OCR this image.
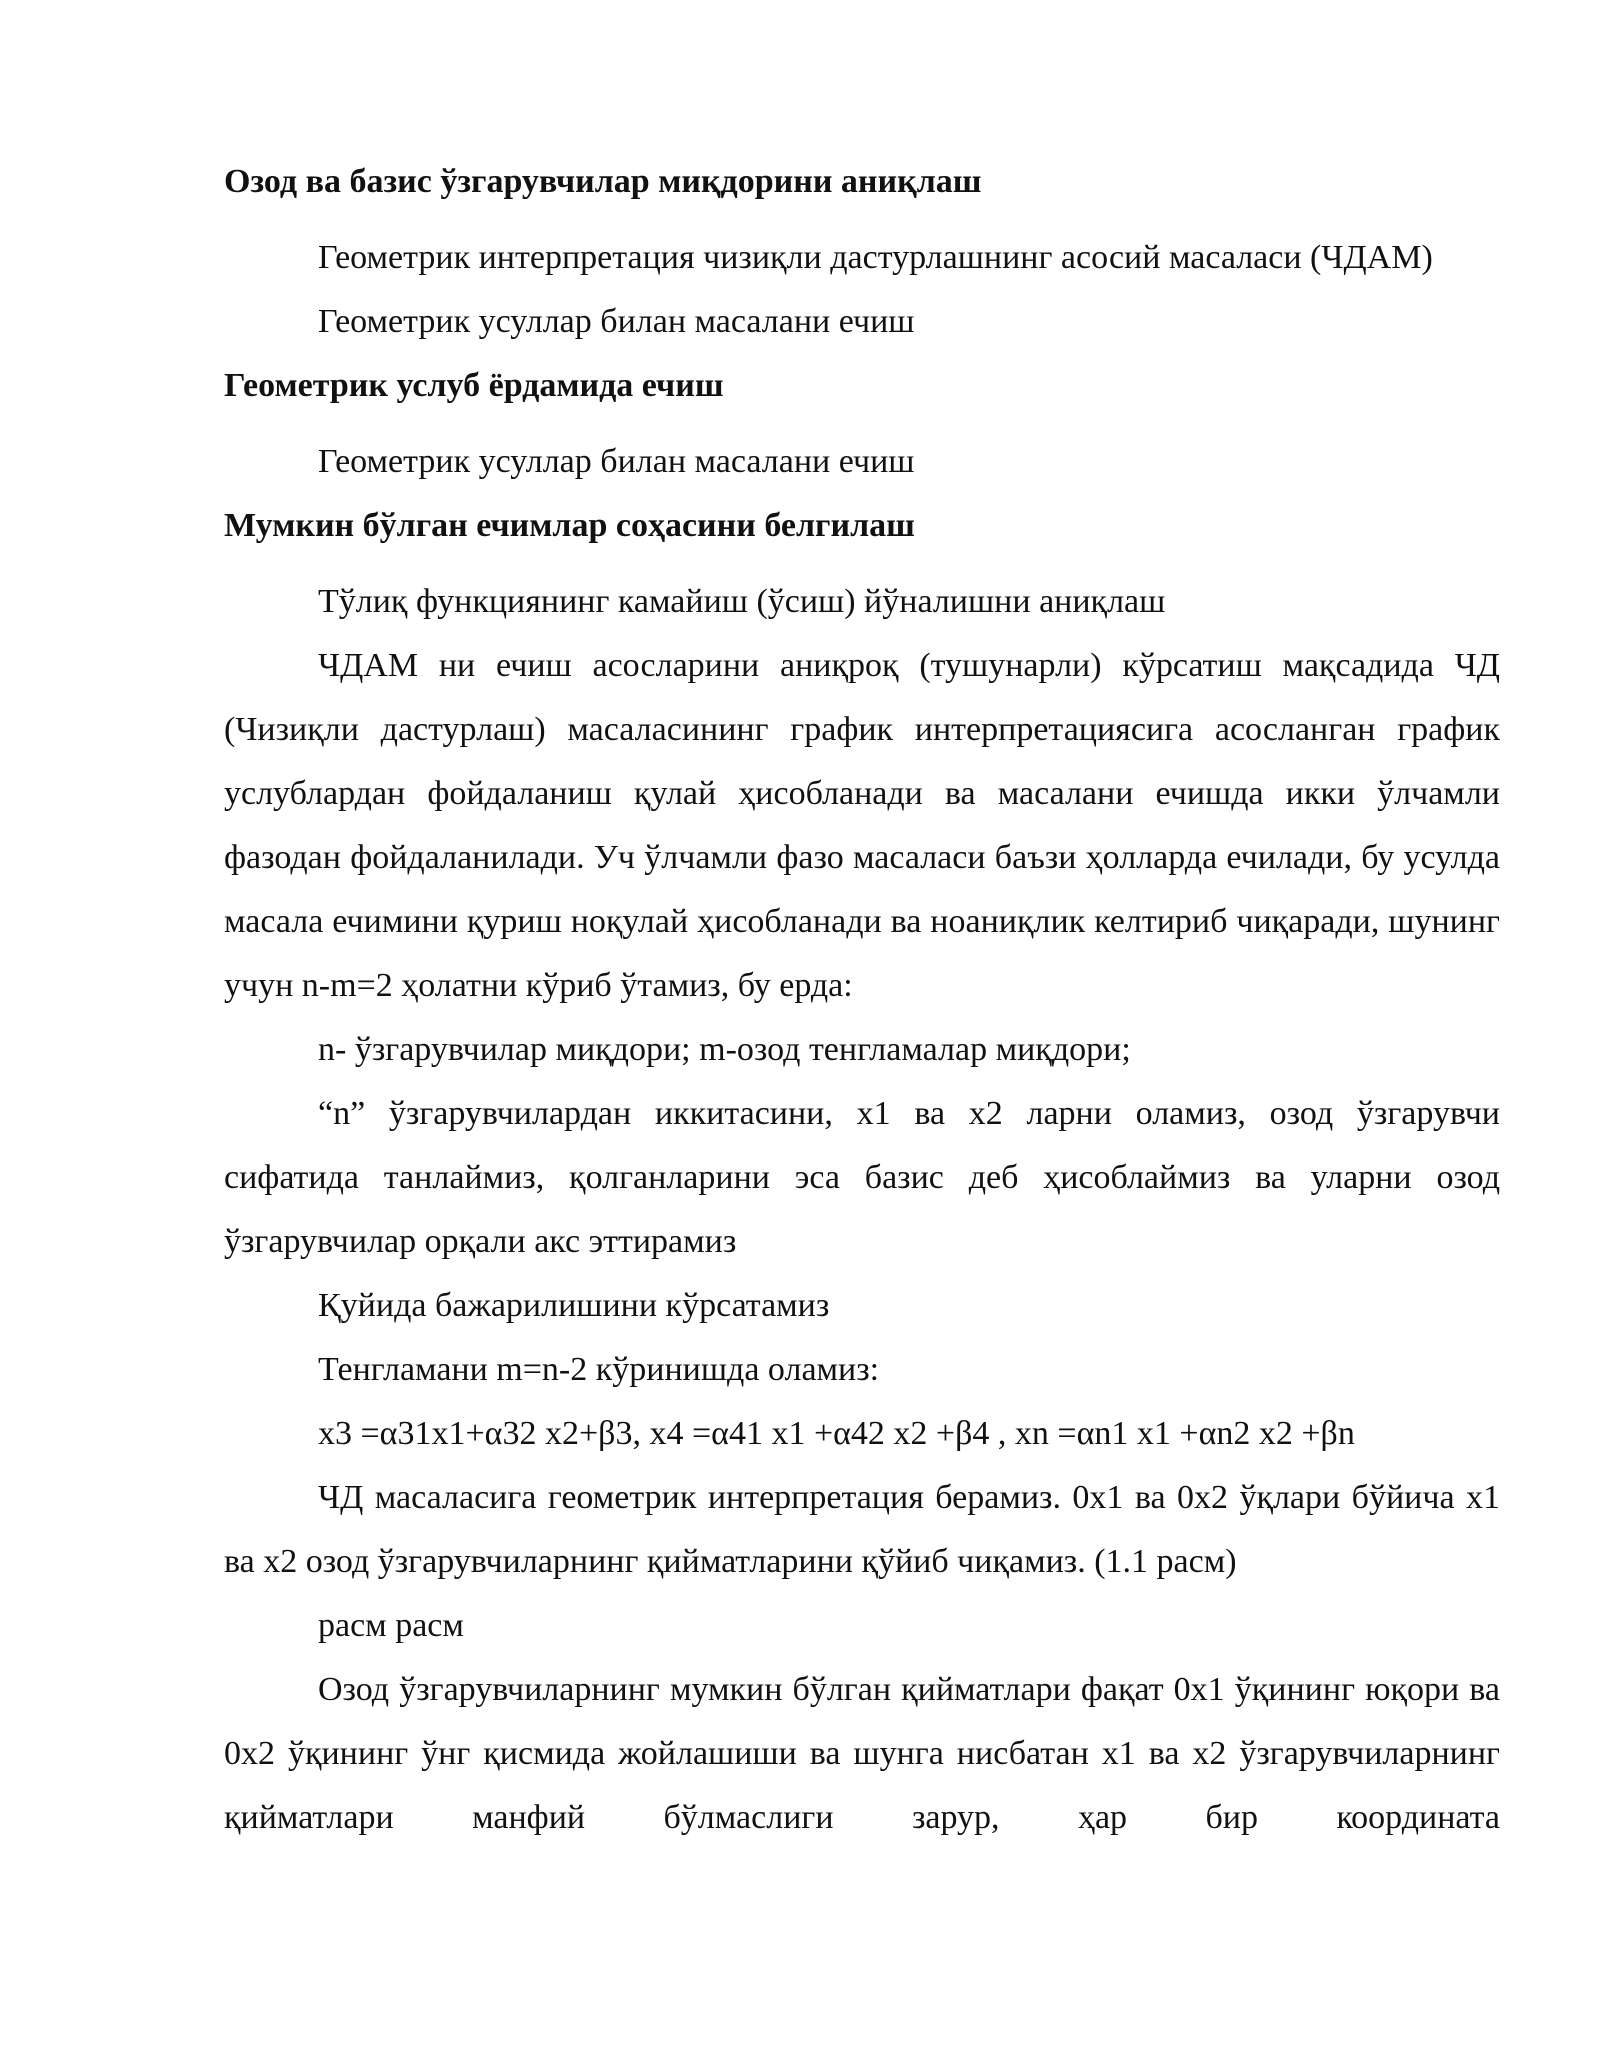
Озод ва базис ўзгарувчилар миқдорини аниқлаш

Геометрик интерпретация чизиқли дастурлашнинг асосий масаласи (ЧДАМ)

Геометрик усуллар билан масалани ечиш

Геометрик услуб ёрдамида ечиш

Геометрик усуллар билан масалани ечиш

Мумкин бўлган ечимлар соҳасини белгилаш

Тўлиқ функциянинг камайиш (ўсиш) йўналишни аниқлаш

ЧДАМ ни ечиш асосларини аниқроқ (тушунарли) кўрсатиш мақсадида ЧД (Чизиқли дастурлаш) масаласининг график интерпретациясига асосланган график услублардан фойдаланиш қулай ҳисобланади ва масалани ечишда икки ўлчамли фазодан фойдаланилади. Уч ўлчамли фазо масаласи баъзи ҳолларда ечилади, бу усулда масала ечимини қуриш ноқулай ҳисобланади ва ноаниқлик келтириб чиқаради, шунинг учун n-m=2 ҳолатни кўриб ўтамиз, бу ерда:

n- ўзгарувчилар миқдори; m-озод тенгламалар миқдори;

“n” ўзгарувчилардан иккитасини, x1 ва x2 ларни оламиз, озод ўзгарувчи сифатида танлаймиз, қолганларини эса базис деб ҳисоблаймиз ва уларни озод ўзгарувчилар орқали акс эттирамиз

Қуйида бажарилишини кўрсатамиз

Тенгламани m=n-2 кўринишда оламиз:

x3 =α31x1+α32 x2+β3, x4 =α41 x1 +α42 x2 +β4 , xn =αn1 x1 +αn2 x2 +βn

ЧД масаласига геометрик интерпретация берамиз. 0x1 ва 0x2 ўқлари бўйича x1 ва x2 озод ўзгарувчиларнинг қийматларини қўйиб чиқамиз. (1.1 расм)

расм расм

Озод ўзгарувчиларнинг мумкин бўлган қийматлари фақат 0x1 ўқининг юқори ва 0x2 ўқининг ўнг қисмида жойлашиши ва шунга нисбатан x1 ва x2 ўзгарувчиларнинг қийматлари манфий бўлмаслиги зарур, ҳар бир координата
